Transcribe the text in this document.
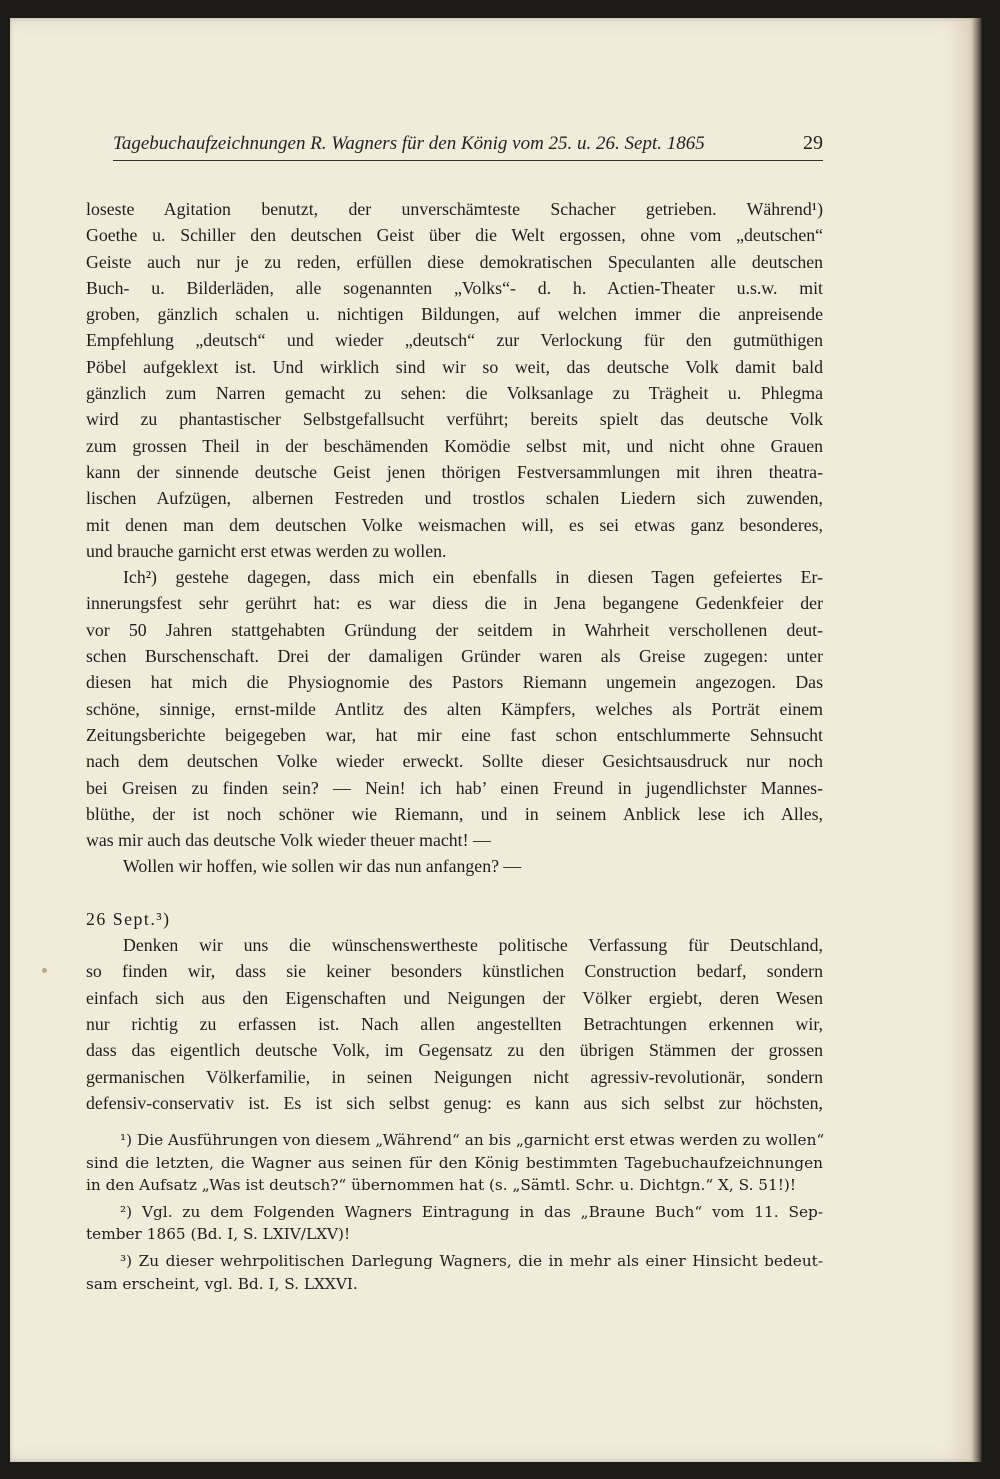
Tagebuchaufzeichnungen R. Wagners für den König vom 25. u. 26. Sept. 1865	29
loseste Agitation benutzt, der unverschämteste Schacher getrieben. Während¹)
Goethe u. Schiller den deutschen Geist über die Welt ergossen, ohne vom „deutschen“
Geiste auch nur je zu reden, erfüllen diese demokratischen Speculanten alle deutschen
Buch- u. Bilderläden, alle sogenannten „Volks“- d. h. Actien-Theater u.s.w. mit
groben, gänzlich schalen u. nichtigen Bildungen, auf welchen immer die anpreisende
Empfehlung „deutsch“ und wieder „deutsch“ zur Verlockung für den gutmüthigen
Pöbel aufgeklext ist. Und wirklich sind wir so weit, das deutsche Volk damit bald
gänzlich zum Narren gemacht zu sehen: die Volksanlage zu Trägheit u. Phlegma
wird zu phantastischer Selbstgefallsucht verführt; bereits spielt das deutsche Volk
zum grossen Theil in der beschämenden Komödie selbst mit, und nicht ohne Grauen
kann der sinnende deutsche Geist jenen thörigen Festversammlungen mit ihren theatra-
lischen Aufzügen, albernen Festreden und trostlos schalen Liedern sich zuwenden,
mit denen man dem deutschen Volke weismachen will, es sei etwas ganz besonderes,
und brauche garnicht erst etwas werden zu wollen.
Ich²) gestehe dagegen, dass mich ein ebenfalls in diesen Tagen gefeiertes Er-
innerungsfest sehr gerührt hat: es war diess die in Jena begangene Gedenkfeier der
vor 50 Jahren stattgehabten Gründung der seitdem in Wahrheit verschollenen deut-
schen Burschenschaft. Drei der damaligen Gründer waren als Greise zugegen: unter
diesen hat mich die Physiognomie des Pastors Riemann ungemein angezogen. Das
schöne, sinnige, ernst-milde Antlitz des alten Kämpfers, welches als Porträt einem
Zeitungsberichte beigegeben war, hat mir eine fast schon entschlummerte Sehnsucht
nach dem deutschen Volke wieder erweckt. Sollte dieser Gesichtsausdruck nur noch
bei Greisen zu finden sein? — Nein! ich hab’ einen Freund in jugendlichster Mannes-
blüthe, der ist noch schöner wie Riemann, und in seinem Anblick lese ich Alles,
was mir auch das deutsche Volk wieder theuer macht! —
Wollen wir hoffen, wie sollen wir das nun anfangen? —
26 Sept.³)
Denken wir uns die wünschenswertheste politische Verfassung für Deutschland,
so finden wir, dass sie keiner besonders künstlichen Construction bedarf, sondern
einfach sich aus den Eigenschaften und Neigungen der Völker ergiebt, deren Wesen
nur richtig zu erfassen ist. Nach allen angestellten Betrachtungen erkennen wir,
dass das eigentlich deutsche Volk, im Gegensatz zu den übrigen Stämmen der grossen
germanischen Völkerfamilie, in seinen Neigungen nicht agressiv-revolutionär, sondern
defensiv-conservativ ist. Es ist sich selbst genug: es kann aus sich selbst zur höchsten,
¹) Die Ausführungen von diesem „Während“ an bis „garnicht erst etwas werden zu wollen“
sind die letzten, die Wagner aus seinen für den König bestimmten Tagebuchaufzeichnungen
in den Aufsatz „Was ist deutsch?“ übernommen hat (s. „Sämtl. Schr. u. Dichtgn.“ X, S. 51!)!
²) Vgl. zu dem Folgenden Wagners Eintragung in das „Braune Buch“ vom 11. Sep-
tember 1865 (Bd. I, S. LXIV/LXV)!
³) Zu dieser wehrpolitischen Darlegung Wagners, die in mehr als einer Hinsicht bedeut-
sam erscheint, vgl. Bd. I, S. LXXVI.
